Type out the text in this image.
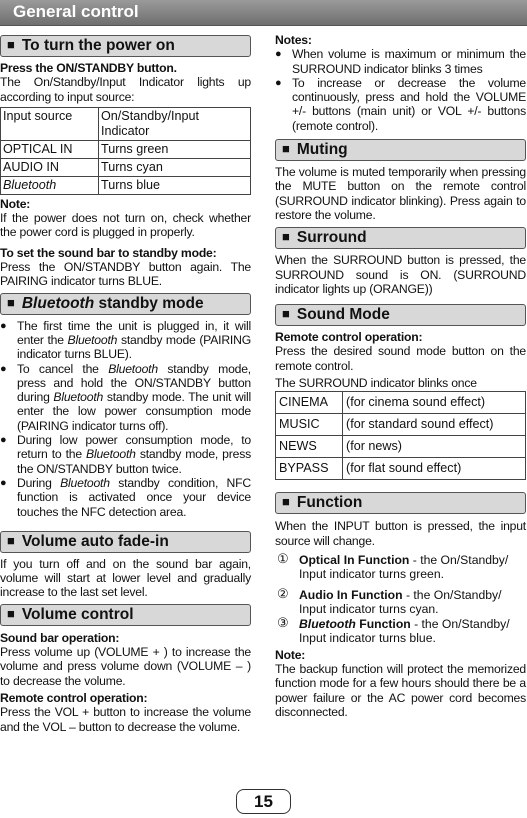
General control
■ To turn the power on
Press the ON/STANDBY button.
The On/Standby/Input Indicator lights up according to input source:
Input source	On/Standby/Input Indicator
OPTICAL IN	Turns green
AUDIO IN	Turns cyan
Bluetooth	Turns blue
Note:
If the power does not turn on, check whether the power cord is plugged in properly.
To set the sound bar to standby mode:
Press the ON/STANDBY button again. The PAIRING indicator turns BLUE.
■ Bluetooth standby mode
● The first time the unit is plugged in, it will enter the Bluetooth standby mode (PAIRING indicator turns BLUE).
● To cancel the Bluetooth standby mode, press and hold the ON/STANDBY button during Bluetooth standby mode. The unit will enter the low power consumption mode (PAIRING indicator turns off).
● During low power consumption mode, to return to the Bluetooth standby mode, press the ON/STANDBY button twice.
● During Bluetooth standby condition, NFC function is activated once your device touches the NFC detection area.
■ Volume auto fade-in
If you turn off and on the sound bar again, volume will start at lower level and gradually increase to the last set level.
■ Volume control
Sound bar operation:
Press volume up (VOLUME + ) to increase the volume and press volume down (VOLUME – ) to decrease the volume.
Remote control operation:
Press the VOL + button to increase the volume and the VOL – button to decrease the volume.
Notes:
● When volume is maximum or minimum the SURROUND indicator blinks 3 times
● To increase or decrease the volume continuously, press and hold the VOLUME +/- buttons (main unit) or VOL +/- buttons (remote control).
■ Muting
The volume is muted temporarily when pressing the MUTE button on the remote control (SURROUND indicator blinking). Press again to restore the volume.
■ Surround
When the SURROUND button is pressed, the SURROUND sound is ON. (SURROUND indicator lights up (ORANGE))
■ Sound Mode
Remote control operation:
Press the desired sound mode button on the remote control.
The SURROUND indicator blinks once
CINEMA	(for cinema sound effect)
MUSIC	(for standard sound effect)
NEWS	(for news)
BYPASS	(for flat sound effect)
■ Function
When the INPUT button is pressed, the input source will change.
① Optical In Function - the On/Standby/ Input indicator turns green.
② Audio In Function - the On/Standby/ Input indicator turns cyan.
③ Bluetooth Function - the On/Standby/ Input indicator turns blue.
Note:
The backup function will protect the memorized function mode for a few hours should there be a power failure or the AC power cord becomes disconnected.
15
